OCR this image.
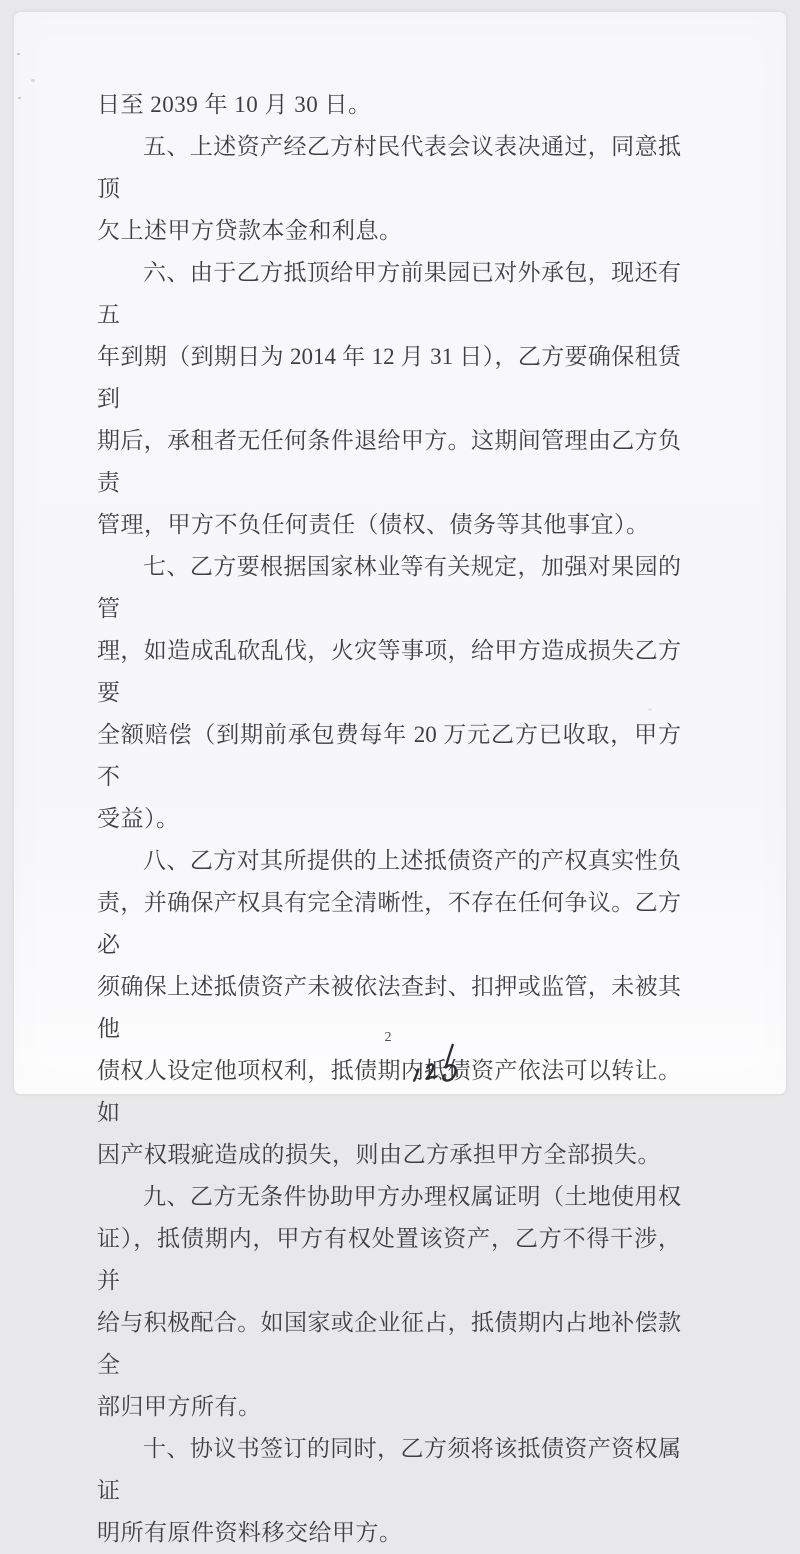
日至 2039 年 10 月 30 日。
五、上述资产经乙方村民代表会议表决通过，同意抵顶
欠上述甲方贷款本金和利息。
六、由于乙方抵顶给甲方前果园已对外承包，现还有五
年到期（到期日为 2014 年 12 月 31 日），乙方要确保租赁到
期后，承租者无任何条件退给甲方。这期间管理由乙方负责
管理，甲方不负任何责任（债权、债务等其他事宜）。
七、乙方要根据国家林业等有关规定，加强对果园的管
理，如造成乱砍乱伐，火灾等事项，给甲方造成损失乙方要
全额赔偿（到期前承包费每年 20 万元乙方已收取，甲方不
受益）。
八、乙方对其所提供的上述抵债资产的产权真实性负
责，并确保产权具有完全清晰性，不存在任何争议。乙方必
须确保上述抵债资产未被依法查封、扣押或监管，未被其他
债权人设定他项权利，抵债期内抵债资产依法可以转让。如
因产权瑕疵造成的损失，则由乙方承担甲方全部损失。
九、乙方无条件协助甲方办理权属证明（土地使用权
证），抵债期内，甲方有权处置该资产，乙方不得干涉，并
给与积极配合。如国家或企业征占，抵债期内占地补偿款全
部归甲方所有。
十、协议书签订的同时，乙方须将该抵债资产资权属证
明所有原件资料移交给甲方。
2
